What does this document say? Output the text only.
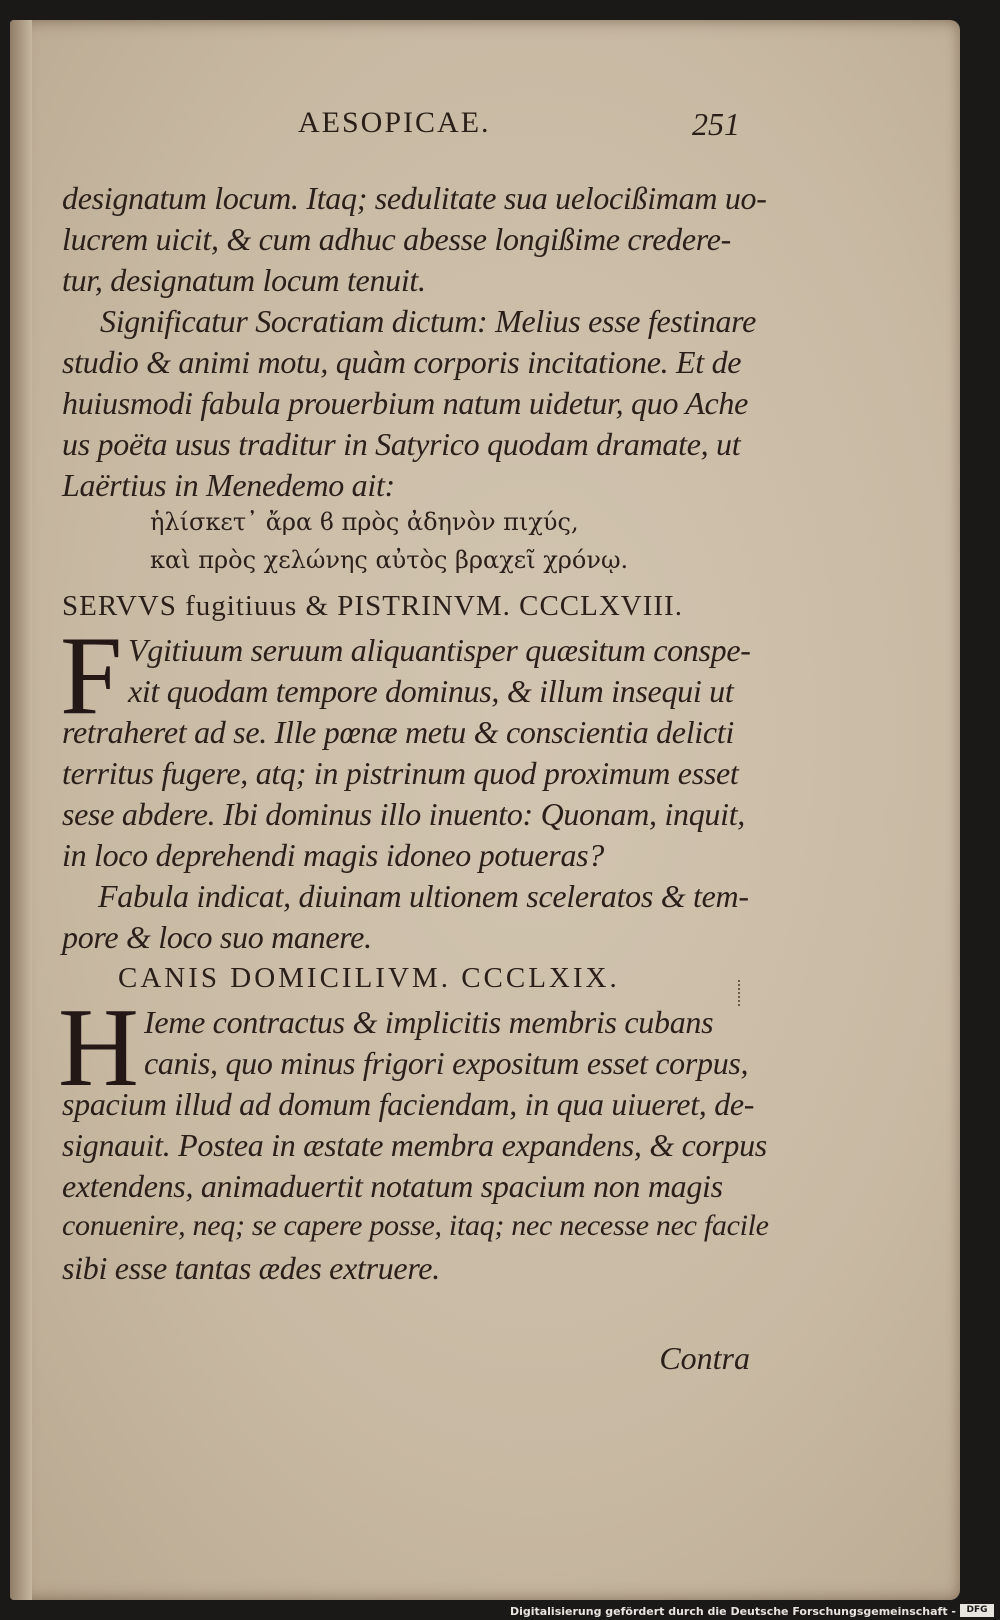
AESOPICAE.	251
designatum locum. Itaq; sedulitate sua uelocißimam uo-
lucrem uicit, & cum adhuc abesse longißime credere-
tur, designatum locum tenuit.
Significatur Socratiam dictum: Melius esse festinare
studio & animi motu, quàm corporis incitatione. Et de
huiusmodi fabula prouerbium natum uidetur, quo Ache
us poëta usus traditur in Satyrico quodam dramate, ut
Laërtius in Menedemo ait:
ἡλίσκετ᾽ ἄρα ϐ πρὸς ἀδηνὸν πιχύς,
καὶ πρὸς χελώνης αὐτὸς βραχεῖ χρόνῳ.
SERVVS fugitiuus & PISTRINVM. CCCLXVIII.
F Vgitiuum seruum aliquantisper quæsitum conspe-
xit quodam tempore dominus, & illum insequi ut
retraheret ad se. Ille pœnæ metu & conscientia delicti
territus fugere, atq; in pistrinum quod proximum esset
sese abdere. Ibi dominus illo inuento: Quonam, inquit,
in loco deprehendi magis idoneo potueras?
Fabula indicat, diuinam ultionem sceleratos & tem-
pore & loco suo manere.
CANIS DOMICILIVM. CCCLXIX.
H Ieme contractus & implicitis membris cubans
canis, quo minus frigori expositum esset corpus,
spacium illud ad domum faciendam, in qua uiueret, de-
signauit. Postea in æstate membra expandens, & corpus
extendens, animaduertit notatum spacium non magis
conuenire, neq; se capere posse, itaq; nec necesse nec facile
sibi esse tantas ædes extruere.
Contra
Digitalisierung gefördert durch die Deutsche Forschungsgemeinschaft -	DFG
